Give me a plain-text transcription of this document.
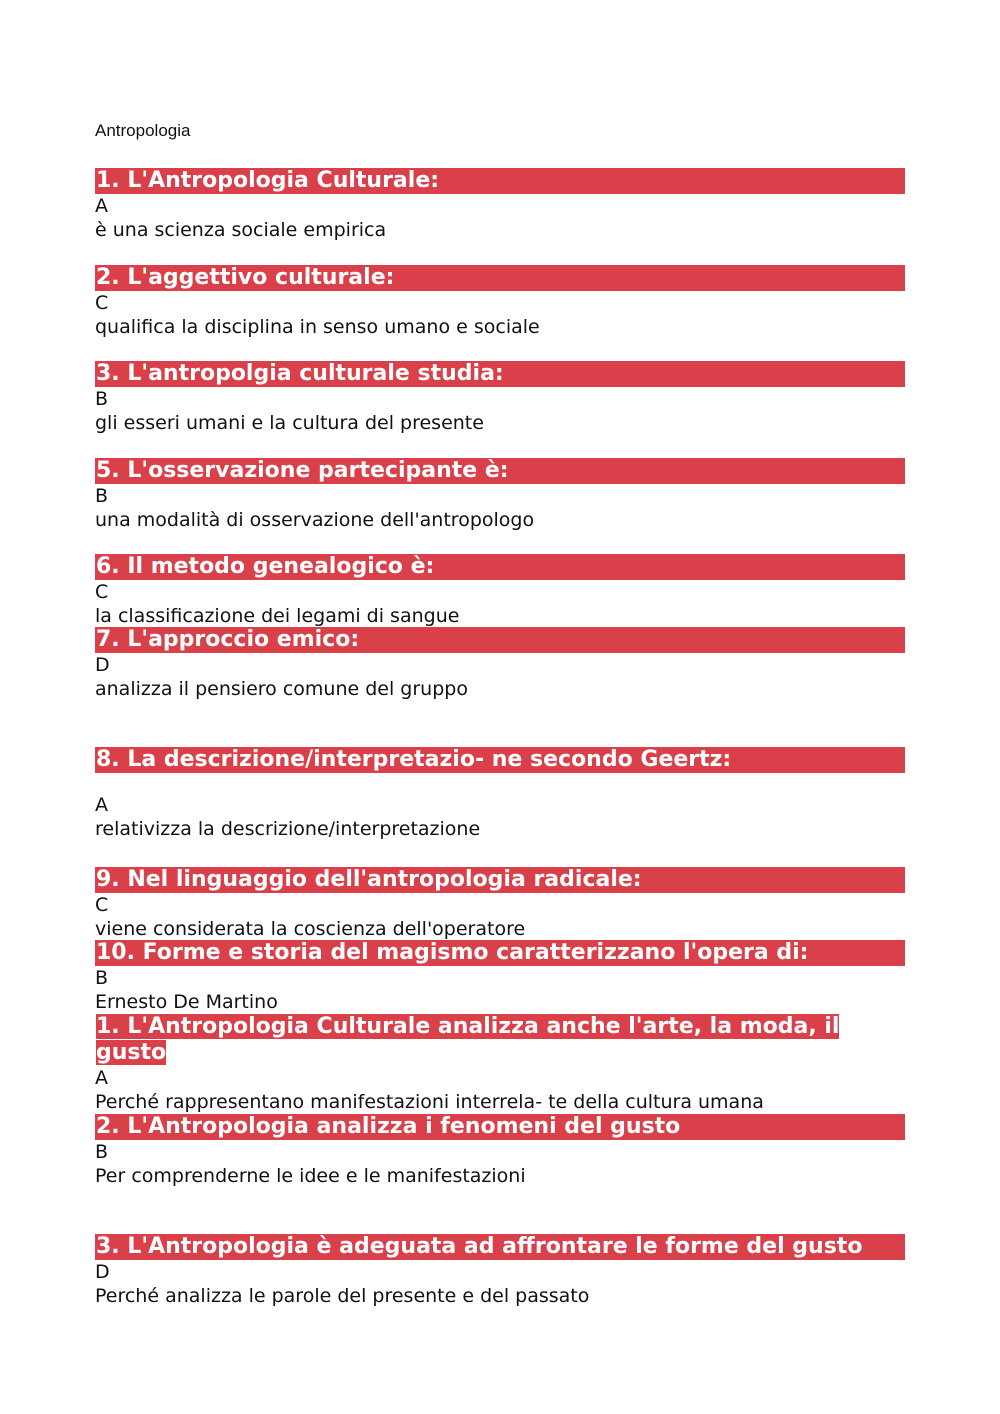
Antropologia
1. L'Antropologia Culturale:
A
è una scienza sociale empirica
2. L'aggettivo culturale:
C
qualifica la disciplina in senso umano e sociale
3. L'antropolgia culturale studia:
B
gli esseri umani e la cultura del presente
5. L'osservazione partecipante è:
B
una modalità di osservazione dell'antropologo
6. Il metodo genealogico è:
C
la classificazione dei legami di sangue
7. L'approccio emico:
D
analizza il pensiero comune del gruppo
8. La descrizione/interpretazio- ne secondo Geertz:
A
relativizza la descrizione/interpretazione
9. Nel linguaggio dell'antropologia radicale:
C
viene considerata la coscienza dell'operatore
10. Forme e storia del magismo caratterizzano l'opera di:
B
Ernesto De Martino
1. L'Antropologia Culturale analizza anche l'arte, la moda, il gusto
A
Perché rappresentano manifestazioni interrela- te della cultura umana
2. L'Antropologia analizza i fenomeni del gusto
B
Per comprenderne le idee e le manifestazioni
3. L'Antropologia è adeguata ad affrontare le forme del gusto
D
Perché analizza le parole del presente e del passato
